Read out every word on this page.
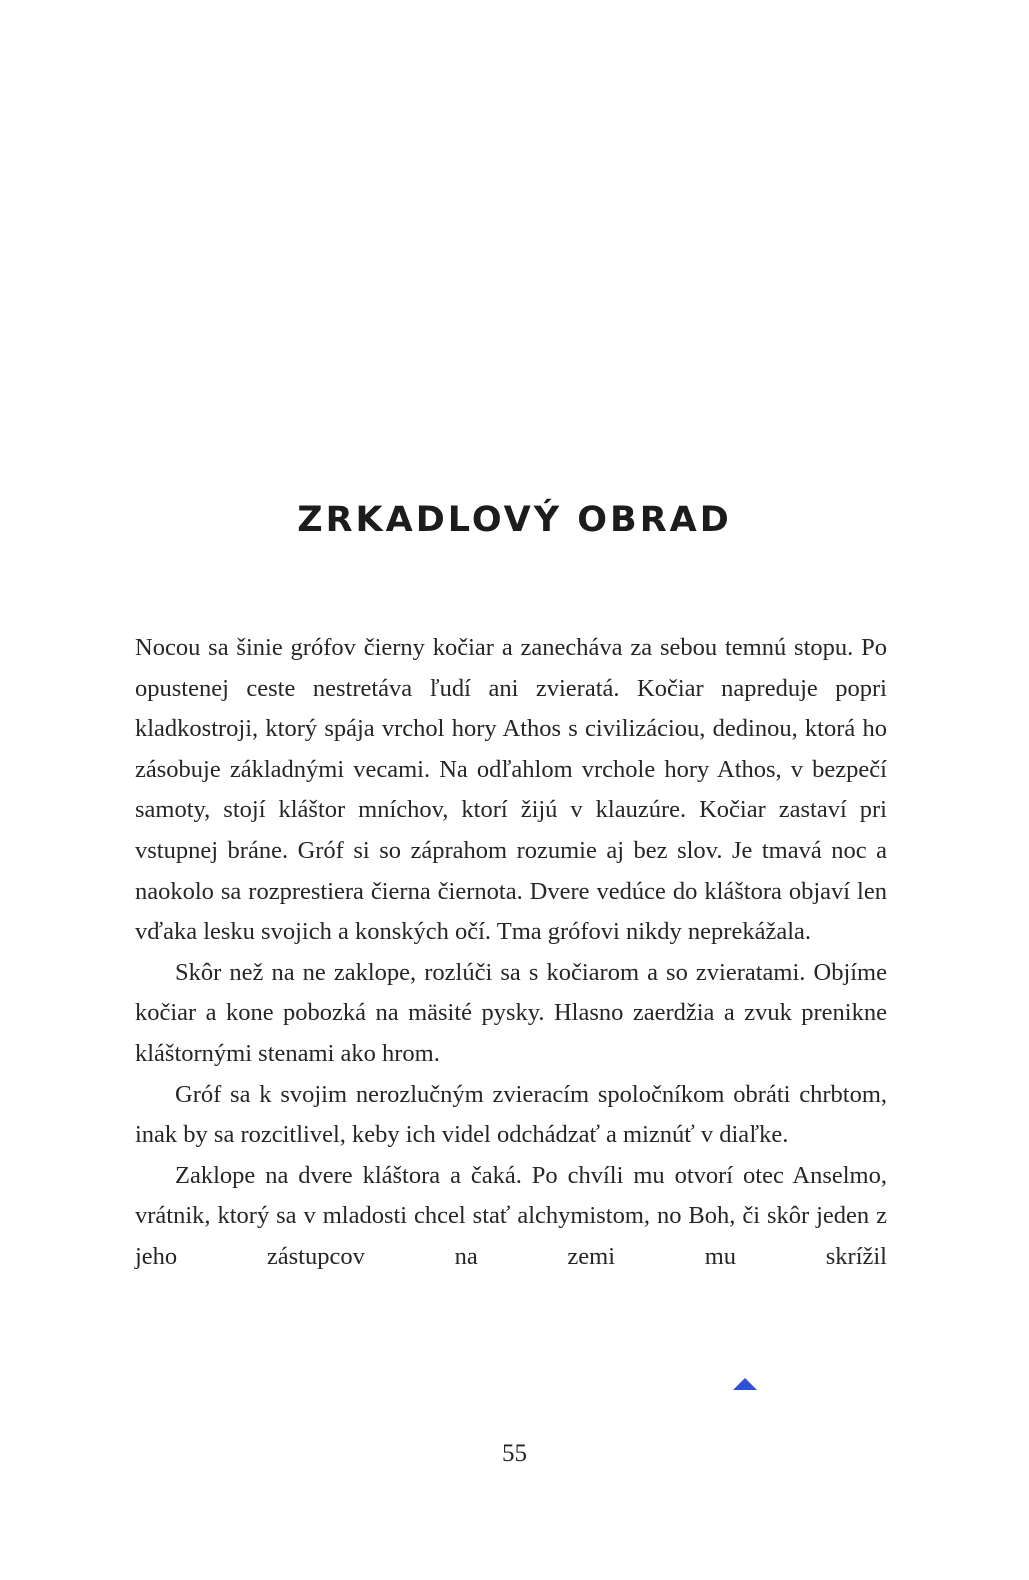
ZRKADLOVÝ OBRAD

Nocou sa šinie grófov čierny kočiar a zanecháva za sebou temnú stopu. Po opustenej ceste nestretáva ľudí ani zvieratá. Kočiar napreduje popri kladkostroji, ktorý spája vrchol hory Athos s civilizáciou, dedinou, ktorá ho zásobuje základnými vecami. Na odľahlom vrchole hory Athos, v bezpečí samoty, stojí kláštor mníchov, ktorí žijú v klauzúre. Kočiar zastaví pri vstupnej bráne. Gróf si so záprahom rozumie aj bez slov. Je tmavá noc a naokolo sa rozprestiera čierna čiernota. Dvere vedúce do kláštora objaví len vďaka lesku svojich a konských očí. Tma grófovi nikdy neprekážala.

Skôr než na ne zaklope, rozlúči sa s kočiarom a so zvieratami. Objíme kočiar a kone pobozká na mäsité pysky. Hlasno zaerdžia a zvuk prenikne kláštornými stenami ako hrom.

Gróf sa k svojim nerozlučným zvieracím spoločníkom obráti chrbtom, inak by sa rozcitlivel, keby ich videl odchádzať a miznúť v diaľke.

Zaklope na dvere kláštora a čaká. Po chvíli mu otvorí otec Anselmo, vrátnik, ktorý sa v mladosti chcel stať alchymistom, no Boh, či skôr jeden z jeho zástupcov na zemi mu skrížil

55
